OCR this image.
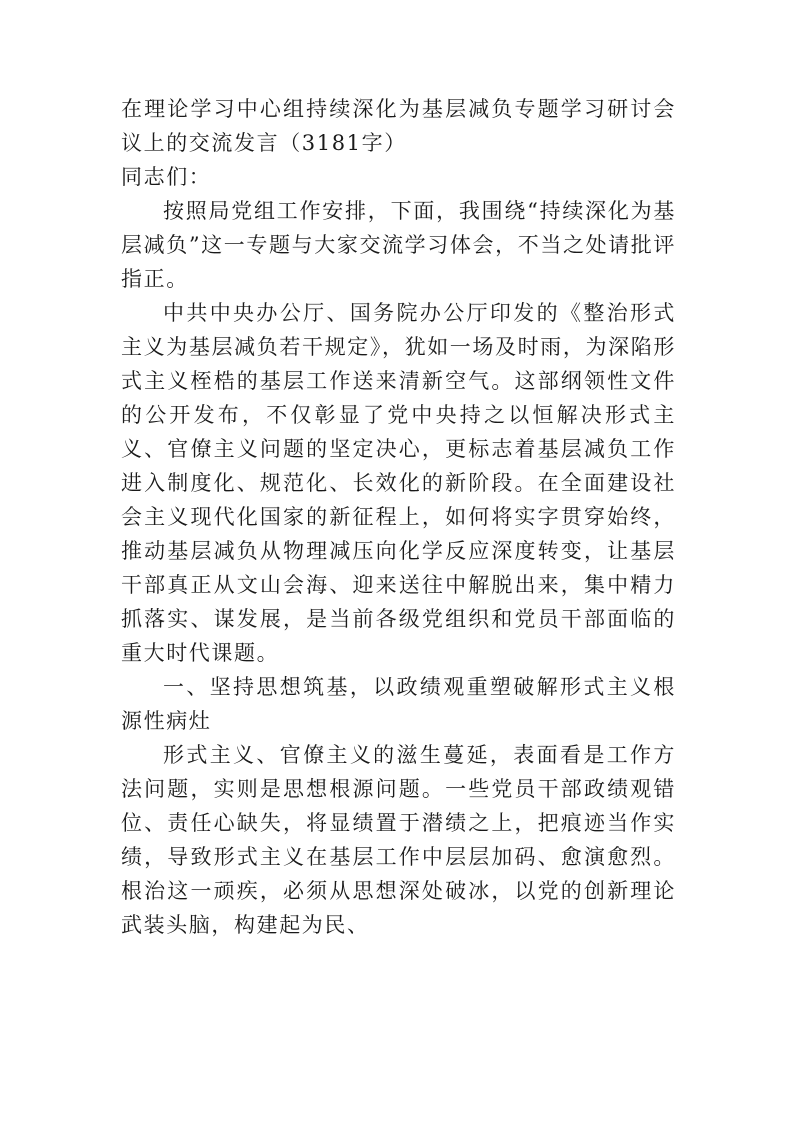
在理论学习中心组持续深化为基层减负专题学习研讨会议上的交流发言（3181字）

同志们：

按照局党组工作安排，下面，我围绕“持续深化为基层减负”这一专题与大家交流学习体会，不当之处请批评指正。

中共中央办公厅、国务院办公厅印发的《整治形式主义为基层减负若干规定》，犹如一场及时雨，为深陷形式主义桎梏的基层工作送来清新空气。这部纲领性文件的公开发布，不仅彰显了党中央持之以恒解决形式主义、官僚主义问题的坚定决心，更标志着基层减负工作进入制度化、规范化、长效化的新阶段。在全面建设社会主义现代化国家的新征程上，如何将实字贯穿始终，推动基层减负从物理减压向化学反应深度转变，让基层干部真正从文山会海、迎来送往中解脱出来，集中精力抓落实、谋发展，是当前各级党组织和党员干部面临的重大时代课题。

一、坚持思想筑基，以政绩观重塑破解形式主义根源性病灶

形式主义、官僚主义的滋生蔓延，表面看是工作方法问题，实则是思想根源问题。一些党员干部政绩观错位、责任心缺失，将显绩置于潜绩之上，把痕迹当作实绩，导致形式主义在基层工作中层层加码、愈演愈烈。根治这一顽疾，必须从思想深处破冰，以党的创新理论武装头脑，构建起为民、
